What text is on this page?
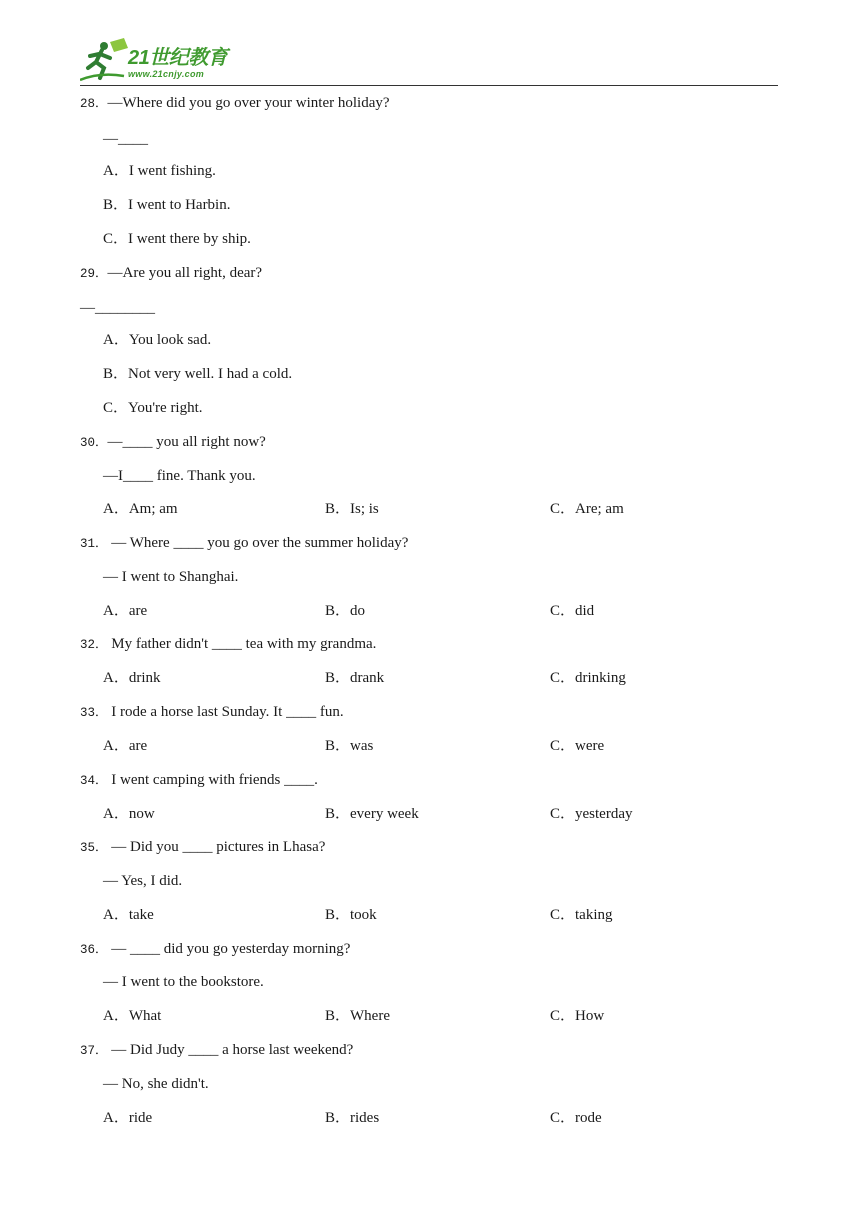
21世纪教育
www.21cnjy.com
28．—Where did you go over your winter holiday?
—____
A．I went fishing.
B．I went to Harbin.
C．I went there by ship.
29．—Are you all right, dear?
—________
A．You look sad.
B．Not very well. I had a cold.
C．You're right.
30．—____ you all right now?
—I____ fine. Thank you.
A．Am; am	B．Is; is	C．Are; am
31． — Where ____ you go over the summer holiday?
— I went to Shanghai.
A．are	B．do	C．did
32． My father didn't ____ tea with my grandma.
A．drink	B．drank	C．drinking
33． I rode a horse last Sunday. It ____ fun.
A．are	B．was	C．were
34． I went camping with friends ____.
A．now	B．every week	C．yesterday
35． — Did you ____ pictures in Lhasa?
— Yes, I did.
A．take	B．took	C．taking
36． — ____ did you go yesterday morning?
— I went to the bookstore.
A．What	B．Where	C．How
37． — Did Judy ____ a horse last weekend?
— No, she didn't.
A．ride	B．rides	C．rode
